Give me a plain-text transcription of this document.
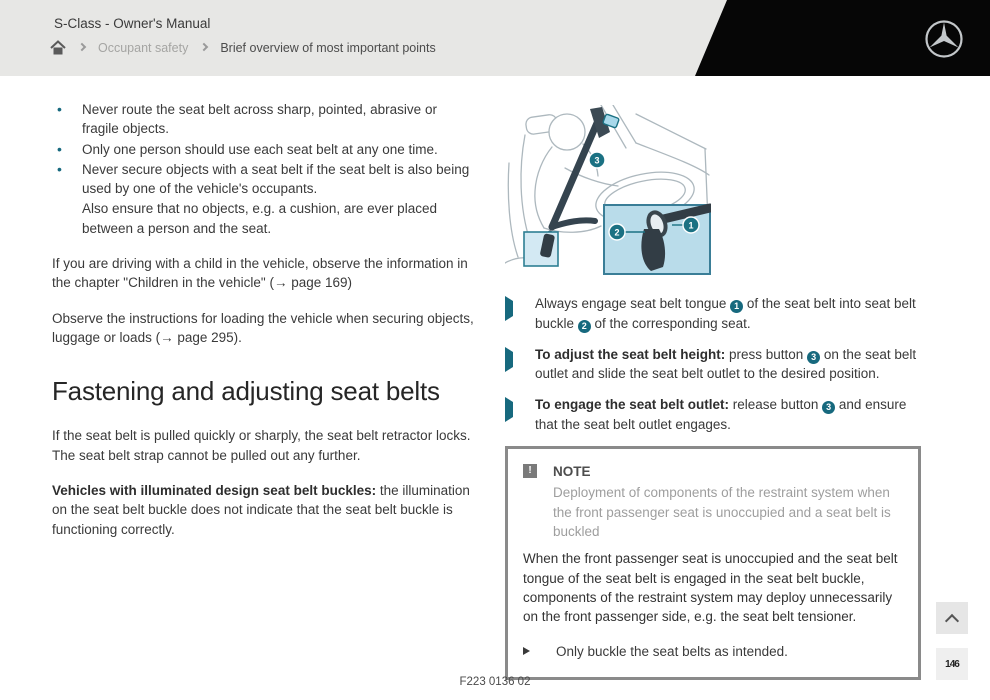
S-Class - Owner's Manual
Occupant safety	Brief overview of most important points
•	Never route the seat belt across sharp, pointed, abrasive or fragile objects.
•	Only one person should use each seat belt at any one time.
•	Never secure objects with a seat belt if the seat belt is also being used by one of the vehicle's occupants.
Also ensure that no objects, e.g. a cushion, are ever placed between a person and the seat.
If you are driving with a child in the vehicle, observe the information in the chapter "Children in the vehicle" (→ page 169)
Observe the instructions for loading the vehicle when securing objects, luggage or loads (→ page 295).
Fastening and adjusting seat belts
If the seat belt is pulled quickly or sharply, the seat belt retractor locks. The seat belt strap cannot be pulled out any further.
Vehicles with illuminated design seat belt buckles: the illumination on the seat belt buckle does not indicate that the seat belt buckle is functioning correctly.
3
1
2
Always engage seat belt tongue 1 of the seat belt into seat belt buckle 2 of the corresponding seat.
To adjust the seat belt height: press button 3 on the seat belt outlet and slide the seat belt outlet to the desired position.
To engage the seat belt outlet: release button 3 and ensure that the seat belt outlet engages.
!	NOTE
Deployment of components of the restraint system when the front passenger seat is unoccupied and a seat belt is buckled
When the front passenger seat is unoccupied and the seat belt tongue of the seat belt is engaged in the seat belt buckle, components of the restraint system may deploy unnecessarily on the front passenger side, e.g. the seat belt tensioner.
Only buckle the seat belts as intended.
146
F223 0136 02
